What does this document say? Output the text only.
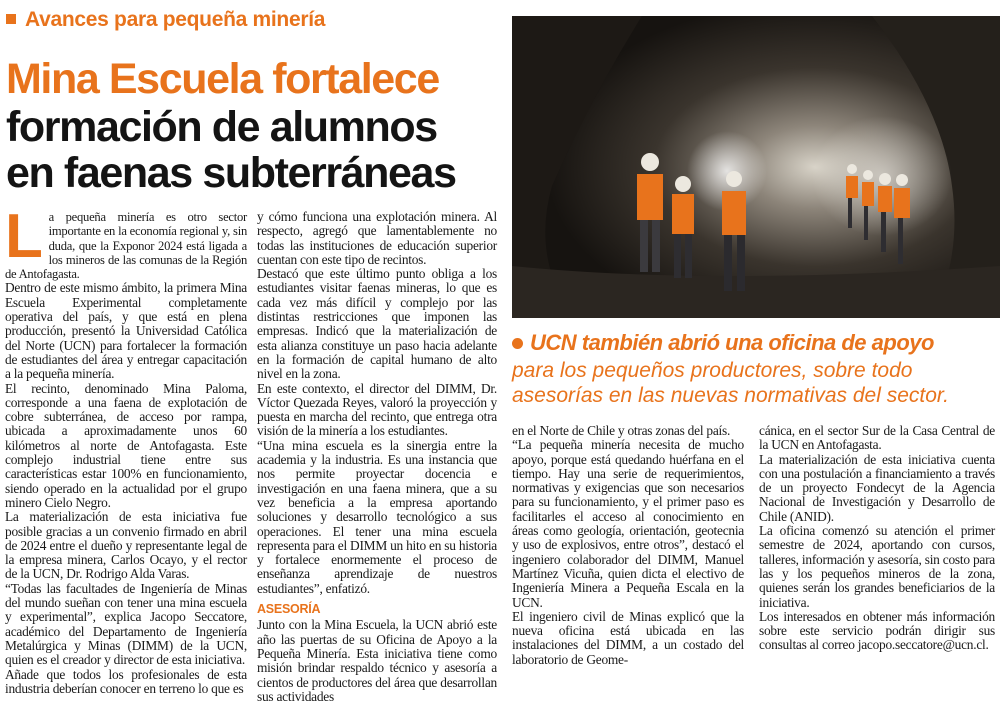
Avances para pequeña minería
Mina Escuela fortalece
formación de alumnos
en faenas subterráneas

La pequeña minería es otro sector importante en la economía regional y, sin duda, que la Exponor 2024 está ligada a los mineros de las comunas de la Región de Antofagasta.

Dentro de este mismo ámbito, la primera Mina Escuela Experimental completamente operativa del país, y que está en plena producción, presentó la Universidad Católica del Norte (UCN) para fortalecer la formación de estudiantes del área y entregar capacitación a la pequeña minería.

El recinto, denominado Mina Paloma, corresponde a una faena de explotación de cobre subterránea, de acceso por rampa, ubicada a aproximadamente unos 60 kilómetros al norte de Antofagasta. Este complejo industrial tiene entre sus características estar 100% en funcionamiento, siendo operado en la actualidad por el grupo minero Cielo Negro.

La materialización de esta iniciativa fue posible gracias a un convenio firmado en abril de 2024 entre el dueño y representante legal de la empresa minera, Carlos Ocayo, y el rector de la UCN, Dr. Rodrigo Alda Varas.

“Todas las facultades de Ingeniería de Minas del mundo sueñan con tener una mina escuela y experimental”, explica Jacopo Seccatore, académico del Departamento de Ingeniería Metalúrgica y Minas (DIMM) de la UCN, quien es el creador y director de esta iniciativa.

Añade que todos los profesionales de esta industria deberían conocer en terreno lo que es

y cómo funciona una explotación minera. Al respecto, agregó que lamentablemente no todas las instituciones de educación superior cuentan con este tipo de recintos.

Destacó que este último punto obliga a los estudiantes visitar faenas mineras, lo que es cada vez más difícil y complejo por las distintas restricciones que imponen las empresas. Indicó que la materialización de esta alianza constituye un paso hacia adelante en la formación de capital humano de alto nivel en la zona.

En este contexto, el director del DIMM, Dr. Víctor Quezada Reyes, valoró la proyección y puesta en marcha del recinto, que entrega otra visión de la minería a los estudiantes.

“Una mina escuela es la sinergia entre la academia y la industria. Es una instancia que nos permite proyectar docencia e investigación en una faena minera, que a su vez beneficia a la empresa aportando soluciones y desarrollo tecnológico a sus operaciones. El tener una mina escuela representa para el DIMM un hito en su historia y fortalece enormemente el proceso de enseñanza aprendizaje de nuestros estudiantes”, enfatizó.

ASESORÍA

Junto con la Mina Escuela, la UCN abrió este año las puertas de su Oficina de Apoyo a la Pequeña Minería. Esta iniciativa tiene como misión brindar respaldo técnico y asesoría a cientos de productores del área que desarrollan sus actividades

UCN también abrió una oficina de apoyo
para los pequeños productores, sobre todo asesorías en las nuevas normativas del sector.

en el Norte de Chile y otras zonas del país.

“La pequeña minería necesita de mucho apoyo, porque está quedando huérfana en el tiempo. Hay una serie de requerimientos, normativas y exigencias que son necesarios para su funcionamiento, y el primer paso es facilitarles el acceso al conocimiento en áreas como geología, orientación, geotecnia y uso de explosivos, entre otros”, destacó el ingeniero colaborador del DIMM, Manuel Martínez Vicuña, quien dicta el electivo de Ingeniería Minera a Pequeña Escala en la UCN.

El ingeniero civil de Minas explicó que la nueva oficina está ubicada en las instalaciones del DIMM, a un costado del laboratorio de Geome-

cánica, en el sector Sur de la Casa Central de la UCN en Antofagasta.

La materialización de esta iniciativa cuenta con una postulación a financiamiento a través de un proyecto Fondecyt de la Agencia Nacional de Investigación y Desarrollo de Chile (ANID).

La oficina comenzó su atención el primer semestre de 2024, aportando con cursos, talleres, información y asesoría, sin costo para las y los pequeños mineros de la zona, quienes serán los grandes beneficiarios de la iniciativa.

Los interesados en obtener más información sobre este servicio podrán dirigir sus consultas al correo jacopo.seccatore@ucn.cl.
